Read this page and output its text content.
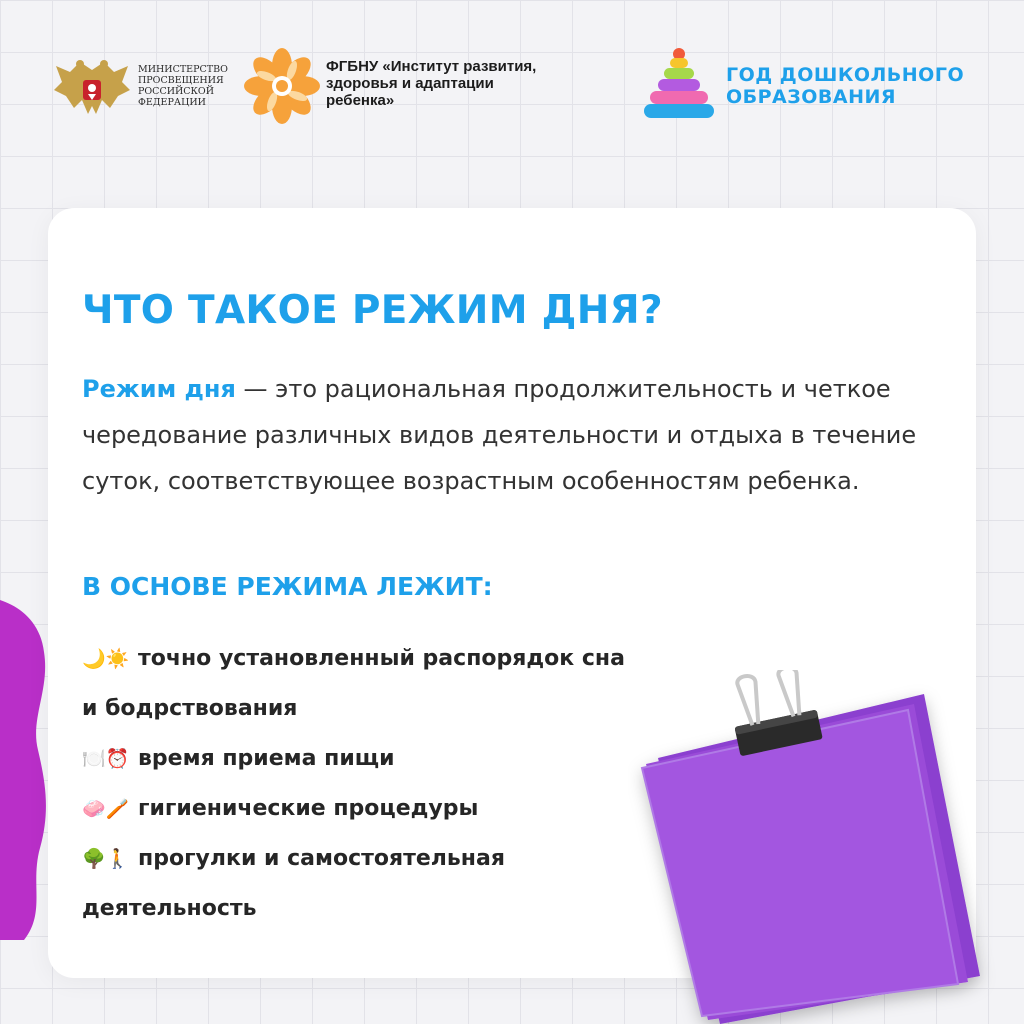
МИНИСТЕРСТВО
ПРОСВЕЩЕНИЯ
РОССИЙСКОЙ
ФЕДЕРАЦИИ

ФГБНУ «Институт развития,
здоровья и адаптации
ребенка»

ГОД ДОШКОЛЬНОГО
ОБРАЗОВАНИЯ

ЧТО ТАКОЕ РЕЖИМ ДНЯ?

Режим дня — это рациональная продолжительность и четкое чередование различных видов деятельности и отдыха в течение суток, соответствующее возрастным особенностям ребенка.

В ОСНОВЕ РЕЖИМА ЛЕЖИТ:
🌙☀️ точно установленный распорядок сна
и бодрствования
🍽️⏰ время приема пищи
🧼🪥 гигиенические процедуры
🌳🚶 прогулки и самостоятельная
деятельность
